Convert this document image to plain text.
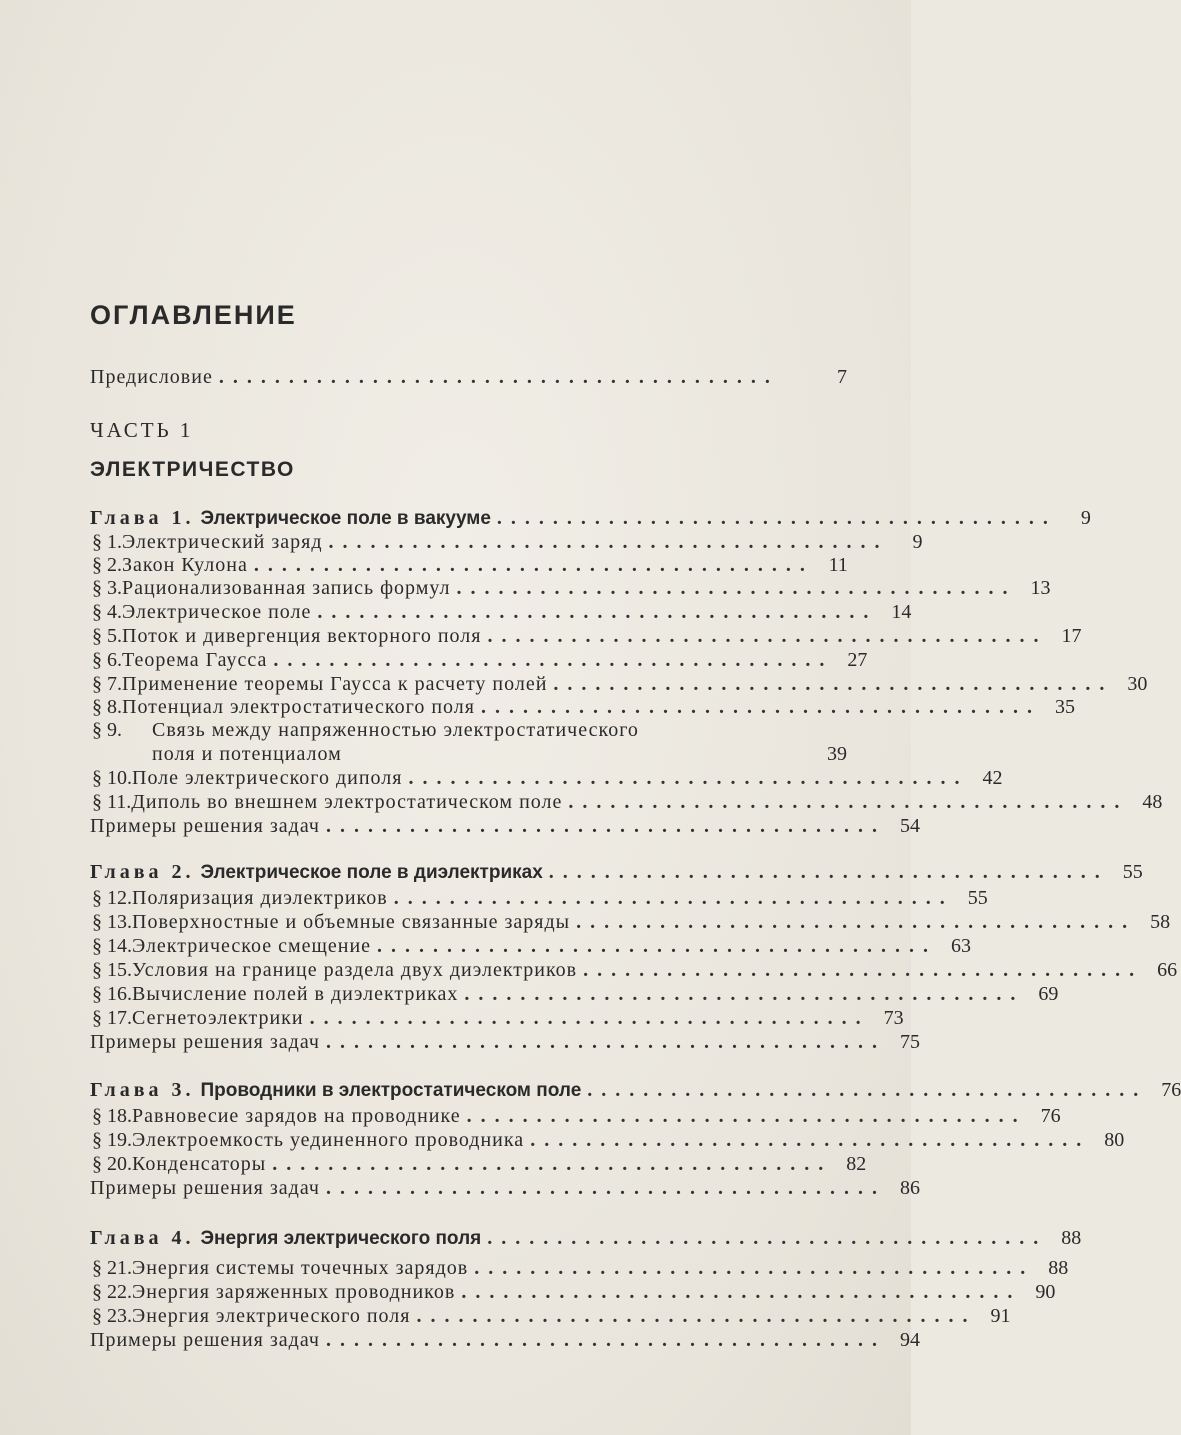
ОГЛАВЛЕНИЕ
Предисловие ........................................	7
ЧАСТЬ 1
ЭЛЕКТРИЧЕСТВО
Глава 1. Электрическое поле в вакууме ........................................	9
§ 1. Электрический заряд ........................................	9
§ 2. Закон Кулона ........................................ 11
§ 3. Рационализованная запись формул ........................................ 13
§ 4. Электрическое поле ........................................ 14
§ 5. Поток и дивергенция векторного поля ........................................ 17
§ 6. Теорема Гаусса ........................................ 27
§ 7. Применение теоремы Гаусса к расчету полей ........................................ 30
§ 8. Потенциал электростатического поля ........................................ 35
§ 9.	Связь между напряженностью электростатического
поля и потенциалом	39
§ 10. Поле электрического диполя ........................................ 42
§ 11. Диполь во внешнем электростатическом поле ........................................ 48
Примеры решения задач ........................................ 54
Глава 2. Электрическое поле в диэлектриках ........................................ 55
§ 12. Поляризация диэлектриков ........................................ 55
§ 13. Поверхностные и объемные связанные заряды ........................................ 58
§ 14. Электрическое смещение ........................................ 63
§ 15. Условия на границе раздела двух диэлектриков ........................................ 66
§ 16. Вычисление полей в диэлектриках ........................................ 69
§ 17. Сегнетоэлектрики ........................................ 73
Примеры решения задач ........................................ 75
Глава 3. Проводники в электростатическом поле ........................................ 76
§ 18. Равновесие зарядов на проводнике ........................................ 76
§ 19. Электроемкость уединенного проводника ........................................ 80
§ 20. Конденсаторы ........................................ 82
Примеры решения задач ........................................ 86
Глава 4. Энергия электрического поля ........................................ 88
§ 21. Энергия системы точечных зарядов ........................................ 88
§ 22. Энергия заряженных проводников ........................................ 90
§ 23. Энергия электрического поля ........................................ 91
Примеры решения задач ........................................ 94
